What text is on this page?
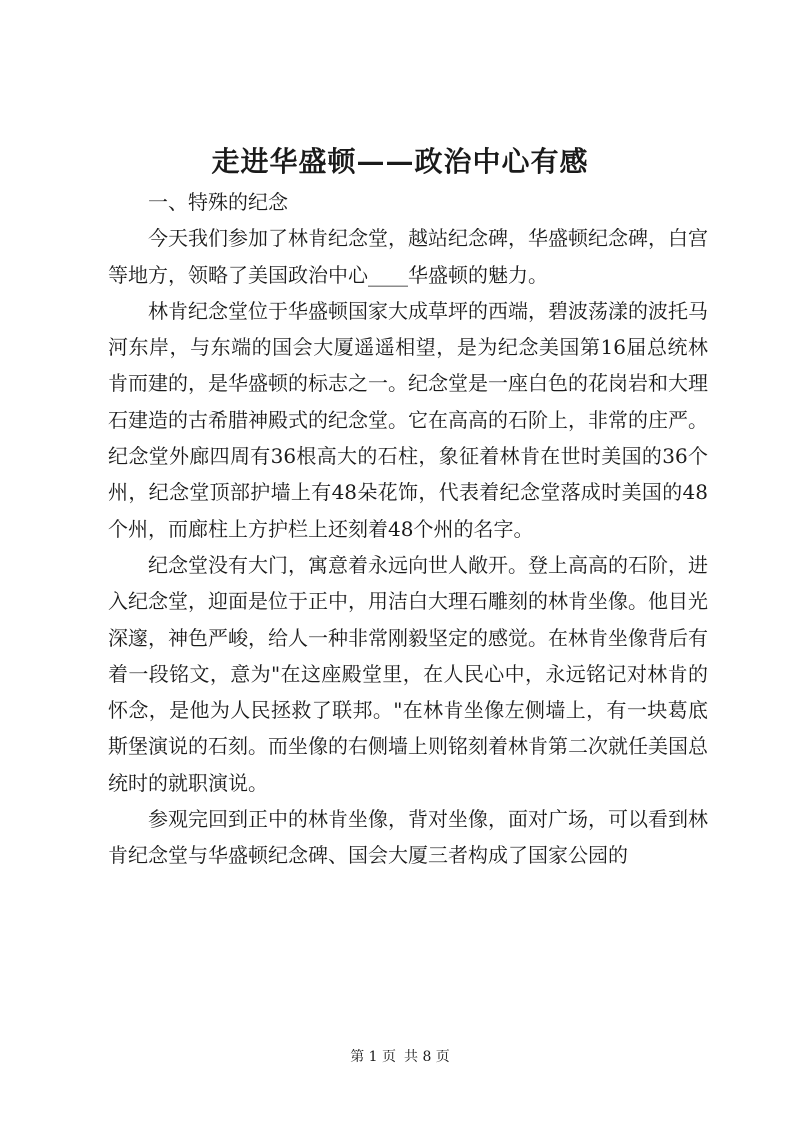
走进华盛顿——政治中心有感

一、特殊的纪念

今天我们参加了林肯纪念堂，越站纪念碑，华盛顿纪念碑，白宫等地方，领略了美国政治中心____华盛顿的魅力。

林肯纪念堂位于华盛顿国家大成草坪的西端，碧波荡漾的波托马河东岸，与东端的国会大厦遥遥相望，是为纪念美国第16届总统林肯而建的，是华盛顿的标志之一。纪念堂是一座白色的花岗岩和大理石建造的古希腊神殿式的纪念堂。它在高高的石阶上，非常的庄严。纪念堂外廊四周有36根高大的石柱，象征着林肯在世时美国的36个州，纪念堂顶部护墙上有48朵花饰，代表着纪念堂落成时美国的48个州，而廊柱上方护栏上还刻着48个州的名字。

纪念堂没有大门，寓意着永远向世人敞开。登上高高的石阶，进入纪念堂，迎面是位于正中，用洁白大理石雕刻的林肯坐像。他目光深邃，神色严峻，给人一种非常刚毅坚定的感觉。在林肯坐像背后有着一段铭文，意为"在这座殿堂里，在人民心中，永远铭记对林肯的怀念，是他为人民拯救了联邦。"在林肯坐像左侧墙上，有一块葛底斯堡演说的石刻。而坐像的右侧墙上则铭刻着林肯第二次就任美国总统时的就职演说。

参观完回到正中的林肯坐像，背对坐像，面对广场，可以看到林肯纪念堂与华盛顿纪念碑、国会大厦三者构成了国家公园的

第 1 页 共 8 页
